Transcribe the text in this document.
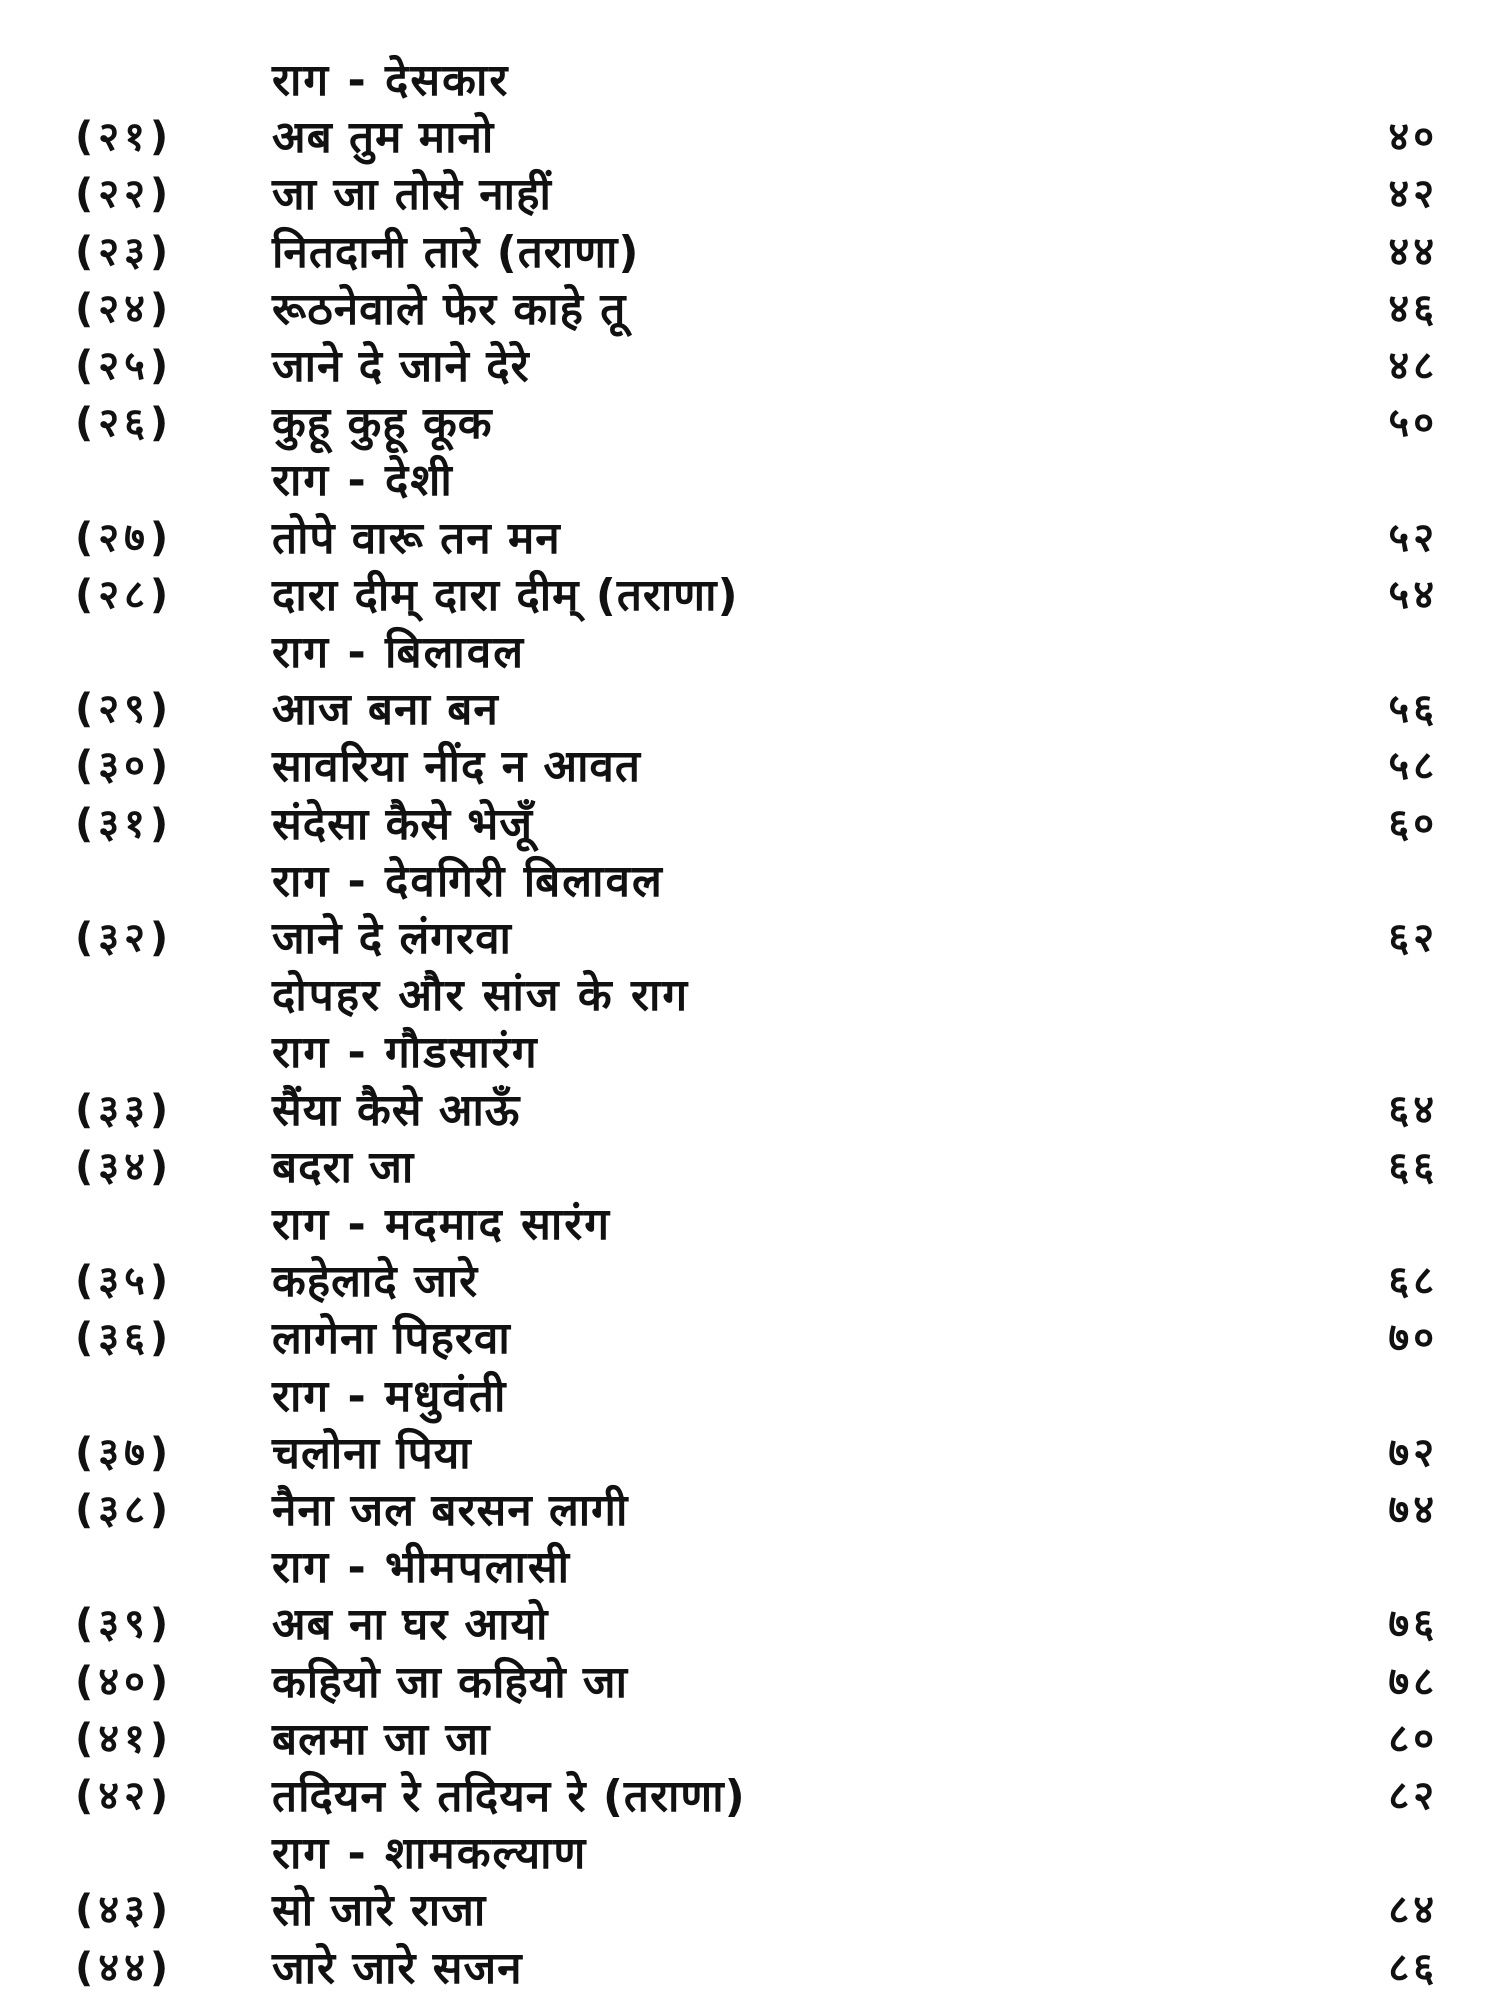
राग - देसकार
(२१) अब तुम मानो	४०
(२२) जा जा तोसे नाहीं	४२
(२३) नितदानी तारे (तराणा)	४४
(२४) रूठनेवाले फेर काहे तू	४६
(२५) जाने दे जाने देरे	४८
(२६) कुहू कुहू कूक	५०
राग - देशी
(२७) तोपे वारू तन मन	५२
(२८) दारा दीम् दारा दीम् (तराणा)	५४
राग - बिलावल
(२९) आज बना बन	५६
(३०) सावरिया नींद न आवत	५८
(३१) संदेसा कैसे भेजूँ	६०
राग - देवगिरी बिलावल
(३२) जाने दे लंगरवा	६२
दोपहर और सांज के राग
राग - गौडसारंग
(३३) सैंया कैसे आऊँ	६४
(३४) बदरा जा	६६
राग - मदमाद सारंग
(३५) कहेलादे जारे	६८
(३६) लागेना पिहरवा	७०
राग - मधुवंती
(३७) चलोना पिया	७२
(३८) नैना जल बरसन लागी	७४
राग - भीमपलासी
(३९) अब ना घर आयो	७६
(४०) कहियो जा कहियो जा	७८
(४१) बलमा जा जा	८०
(४२) तदियन रे तदियन रे (तराणा)	८२
राग - शामकल्याण
(४३) सो जारे राजा	८४
(४४) जारे जारे सजन	८६
